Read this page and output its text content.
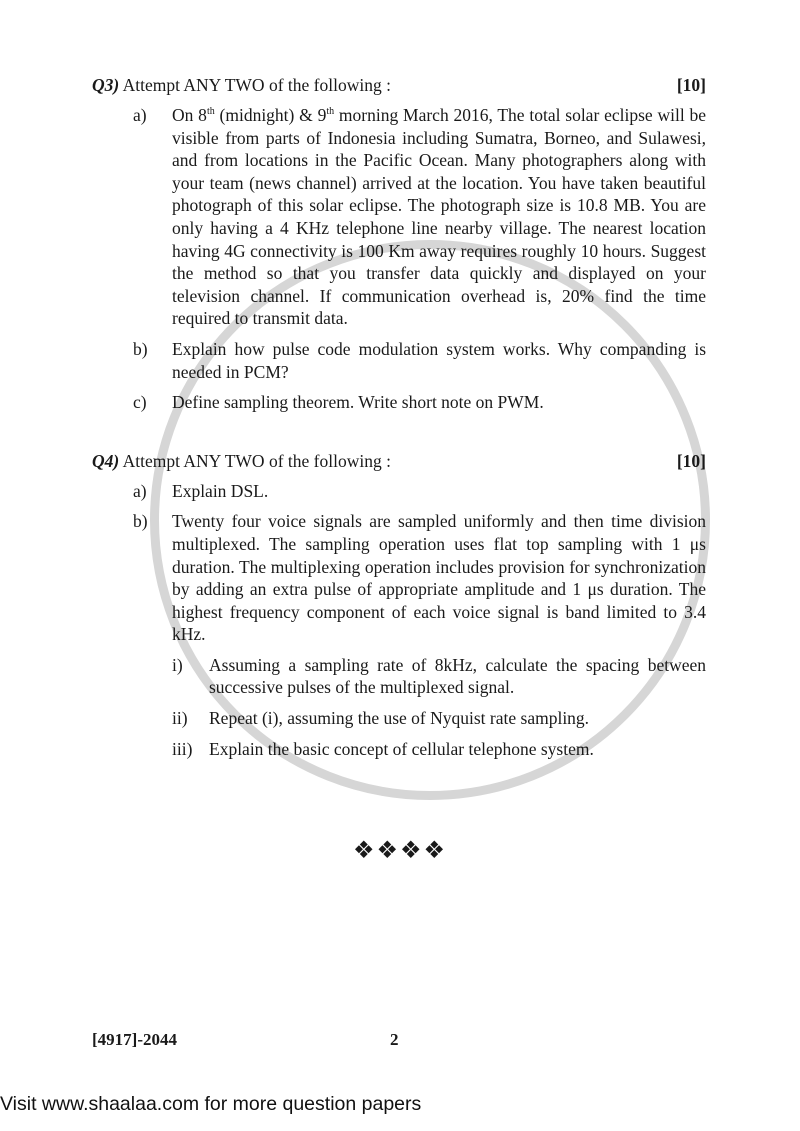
Q3) Attempt ANY TWO of the following :	[10]
a) On 8th (midnight) & 9th morning March 2016, The total solar eclipse will be visible from parts of Indonesia including Sumatra, Borneo, and Sulawesi, and from locations in the Pacific Ocean. Many photographers along with your team (news channel) arrived at the location. You have taken beautiful photograph of this solar eclipse. The photograph size is 10.8 MB. You are only having a 4 KHz telephone line nearby village. The nearest location having 4G connectivity is 100 Km away requires roughly 10 hours. Suggest the method so that you transfer data quickly and displayed on your television channel. If communication overhead is, 20% find the time required to transmit data.
b) Explain how pulse code modulation system works. Why companding is needed in PCM?
c) Define sampling theorem. Write short note on PWM.
Q4) Attempt ANY TWO of the following :	[10]
a) Explain DSL.
b) Twenty four voice signals are sampled uniformly and then time division multiplexed. The sampling operation uses flat top sampling with 1 μs duration. The multiplexing operation includes provision for synchronization by adding an extra pulse of appropriate amplitude and 1 μs duration. The highest frequency component of each voice signal is band limited to 3.4 kHz.
i) Assuming a sampling rate of 8kHz, calculate the spacing between successive pulses of the multiplexed signal.
ii) Repeat (i), assuming the use of Nyquist rate sampling.
iii) Explain the basic concept of cellular telephone system.
❖❖❖❖
[4917]-2044	2
Visit www.shaalaa.com for more question papers
